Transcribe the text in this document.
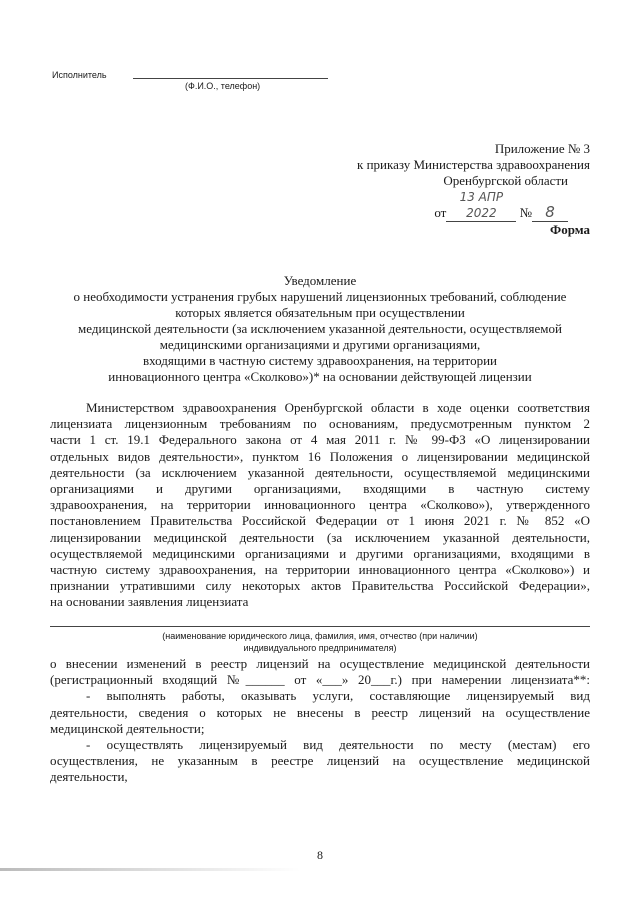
Исполнитель
(Ф.И.О., телефон)
Приложение № 3
к приказу Министерства здравоохранения
Оренбургской области
от13 АПР 2022 № 8
Форма
Уведомление
о необходимости устранения грубых нарушений лицензионных требований, соблюдение
которых является обязательным при осуществлении
медицинской деятельности (за исключением указанной деятельности, осуществляемой
медицинскими организациями и другими организациями,
входящими в частную систему здравоохранения, на территории
инновационного центра «Сколково»)* на основании действующей лицензии
Министерством здравоохранения Оренбургской области в ходе оценки соответствия
лицензиата лицензионным требованиям по основаниям, предусмотренным пунктом 2
части 1 ст. 19.1 Федерального закона от 4 мая 2011 г. № 99-ФЗ «О лицензировании
отдельных видов деятельности», пунктом 16 Положения о лицензировании медицинской
деятельности (за исключением указанной деятельности, осуществляемой медицинскими
организациями и другими организациями, входящими в частную систему
здравоохранения, на территории инновационного центра «Сколково»), утвержденного
постановлением Правительства Российской Федерации от 1 июня 2021 г. № 852 «О
лицензировании медицинской деятельности (за исключением указанной деятельности,
осуществляемой медицинскими организациями и другими организациями, входящими в
частную систему здравоохранения, на территории инновационного центра «Сколково») и
признании утратившими силу некоторых актов Правительства Российской Федерации»,
на основании заявления лицензиата
(наименование юридического лица, фамилия, имя, отчество (при наличии)
индивидуального предпринимателя)
о внесении изменений в реестр лицензий на осуществление медицинской деятельности
(регистрационный входящий №______ от «___» 20___г.) при намерении лицензиата**:
- выполнять работы, оказывать услуги, составляющие лицензируемый вид
деятельности, сведения о которых не внесены в реестр лицензий на осуществление
медицинской деятельности;
- осуществлять лицензируемый вид деятельности по месту (местам) его
осуществления, не указанным в реестре лицензий на осуществление медицинской
деятельности,
8
